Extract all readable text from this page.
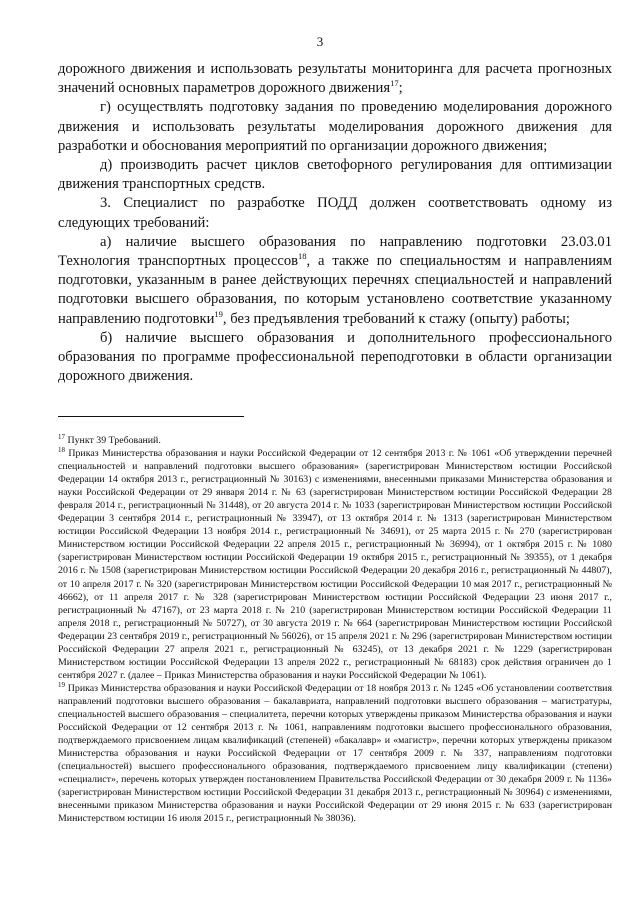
3

дорожного движения и использовать результаты мониторинга для расчета прогнозных значений основных параметров дорожного движения$^{17}$;

г) осуществлять подготовку задания по проведению моделирования дорожного движения и использовать результаты моделирования дорожного движения для разработки и обоснования мероприятий по организации дорожного движения;

д) производить расчет циклов светофорного регулирования для оптимизации движения транспортных средств.

3. Специалист по разработке ПОДД должен соответствовать одному из следующих требований:

а) наличие высшего образования по направлению подготовки 23.03.01 Технология транспортных процессов$^{18}$, а также по специальностям и направлениям подготовки, указанным в ранее действующих перечнях специальностей и направлений подготовки высшего образования, по которым установлено соответствие указанному направлению подготовки$^{19}$, без предъявления требований к стажу (опыту) работы;

б) наличие высшего образования и дополнительного профессионального образования по программе профессиональной переподготовки в области организации дорожного движения.

$^{17}$ Пункт 39 Требований.

$^{18}$ Приказ Министерства образования и науки Российской Федерации от 12 сентября 2013 г. № 1061 «Об утверждении перечней специальностей и направлений подготовки высшего образования» (зарегистрирован Министерством юстиции Российской Федерации 14 октября 2013 г., регистрационный № 30163) с изменениями, внесенными приказами Министерства образования и науки Российской Федерации от 29 января 2014 г. № 63 (зарегистрирован Министерством юстиции Российской Федерации 28 февраля 2014 г., регистрационный № 31448), от 20 августа 2014 г. № 1033 (зарегистрирован Министерством юстиции Российской Федерации 3 сентября 2014 г., регистрационный № 33947), от 13 октября 2014 г. № 1313 (зарегистрирован Министерством юстиции Российской Федерации 13 ноября 2014 г., регистрационный № 34691), от 25 марта 2015 г. № 270 (зарегистрирован Министерством юстиции Российской Федерации 22 апреля 2015 г., регистрационный № 36994), от 1 октября 2015 г. № 1080 (зарегистрирован Министерством юстиции Российской Федерации 19 октября 2015 г., регистрационный № 39355), от 1 декабря 2016 г. № 1508 (зарегистрирован Министерством юстиции Российской Федерации 20 декабря 2016 г., регистрационный № 44807), от 10 апреля 2017 г. № 320 (зарегистрирован Министерством юстиции Российской Федерации 10 мая 2017 г., регистрационный № 46662), от 11 апреля 2017 г. № 328 (зарегистрирован Министерством юстиции Российской Федерации 23 июня 2017 г., регистрационный № 47167), от 23 марта 2018 г. № 210 (зарегистрирован Министерством юстиции Российской Федерации 11 апреля 2018 г., регистрационный № 50727), от 30 августа 2019 г. № 664 (зарегистрирован Министерством юстиции Российской Федерации 23 сентября 2019 г., регистрационный № 56026), от 15 апреля 2021 г. № 296 (зарегистрирован Министерством юстиции Российской Федерации 27 апреля 2021 г., регистрационный № 63245), от 13 декабря 2021 г. № 1229 (зарегистрирован Министерством юстиции Российской Федерации 13 апреля 2022 г., регистрационный № 68183) срок действия ограничен до 1 сентября 2027 г. (далее – Приказ Министерства образования и науки Российской Федерации № 1061).

$^{19}$ Приказ Министерства образования и науки Российской Федерации от 18 ноября 2013 г. № 1245 «Об установлении соответствия направлений подготовки высшего образования – бакалавриата, направлений подготовки высшего образования – магистратуры, специальностей высшего образования – специалитета, перечни которых утверждены приказом Министерства образования и науки Российской Федерации от 12 сентября 2013 г. № 1061, направлениям подготовки высшего профессионального образования, подтверждаемого присвоением лицам квалификаций (степеней) «бакалавр» и «магистр», перечни которых утверждены приказом Министерства образования и науки Российской Федерации от 17 сентября 2009 г. № 337, направлениям подготовки (специальностей) высшего профессионального образования, подтверждаемого присвоением лицу квалификации (степени) «специалист», перечень которых утвержден постановлением Правительства Российской Федерации от 30 декабря 2009 г. № 1136» (зарегистрирован Министерством юстиции Российской Федерации 31 декабря 2013 г., регистрационный № 30964) с изменениями, внесенными приказом Министерства образования и науки Российской Федерации от 29 июня 2015 г. № 633 (зарегистрирован Министерством юстиции 16 июля 2015 г., регистрационный № 38036).
